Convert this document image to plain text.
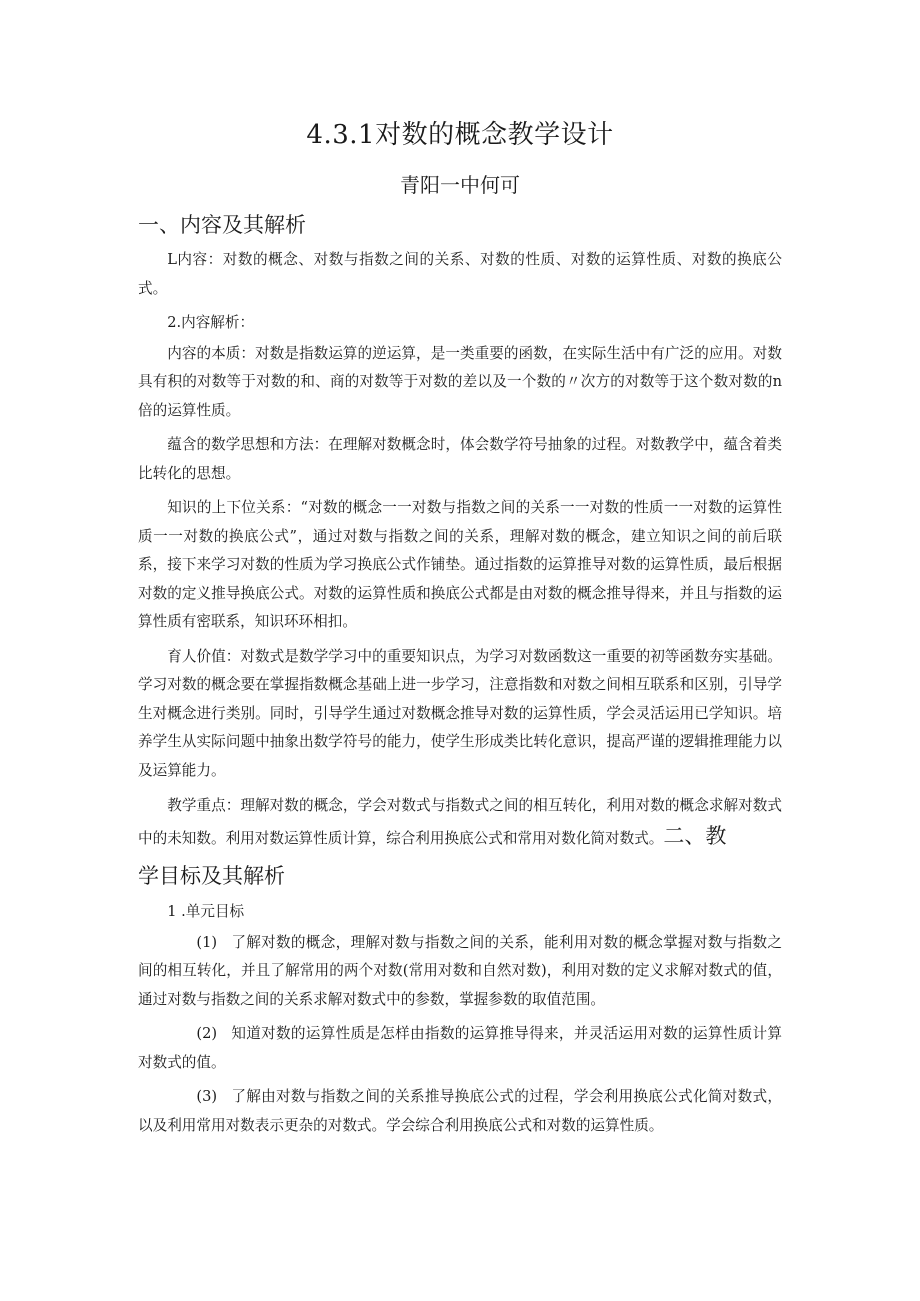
4.3.1对数的概念教学设计
青阳一中何可
一、内容及其解析

L内容：对数的概念、对数与指数之间的关系、对数的性质、对数的运算性质、对数的换底公式。

2.内容解析：

内容的本质：对数是指数运算的逆运算，是一类重要的函数，在实际生活中有广泛的应用。对数具有积的对数等于对数的和、商的对数等于对数的差以及一个数的〃次方的对数等于这个数对数的n倍的运算性质。

蕴含的数学思想和方法：在理解对数概念时，体会数学符号抽象的过程。对数教学中，蕴含着类比转化的思想。

知识的上下位关系：“对数的概念一一对数与指数之间的关系一一对数的性质一一对数的运算性质一一对数的换底公式”，通过对数与指数之间的关系，理解对数的概念，建立知识之间的前后联系，接下来学习对数的性质为学习换底公式作铺垫。通过指数的运算推导对数的运算性质，最后根据对数的定义推导换底公式。对数的运算性质和换底公式都是由对数的概念推导得来，并且与指数的运算性质有密联系，知识环环相扣。

育人价值：对数式是数学学习中的重要知识点，为学习对数函数这一重要的初等函数夯实基础。学习对数的概念要在掌握指数概念基础上进一步学习，注意指数和对数之间相互联系和区别，引导学生对概念进行类别。同时，引导学生通过对数概念推导对数的运算性质，学会灵活运用已学知识。培养学生从实际问题中抽象出数学符号的能力，使学生形成类比转化意识，提高严谨的逻辑推理能力以及运算能力。

教学重点：理解对数的概念，学会对数式与指数式之间的相互转化，利用对数的概念求解对数式中的未知数。利用对数运算性质计算，综合利用换底公式和常用对数化简对数式。二、教

学目标及其解析

1 .单元目标

(1) 了解对数的概念，理解对数与指数之间的关系，能利用对数的概念掌握对数与指数之间的相互转化，并且了解常用的两个对数(常用对数和自然对数)，利用对数的定义求解对数式的值，通过对数与指数之间的关系求解对数式中的参数，掌握参数的取值范围。

(2) 知道对数的运算性质是怎样由指数的运算推导得来，并灵活运用对数的运算性质计算对数式的值。

(3) 了解由对数与指数之间的关系推导换底公式的过程，学会利用换底公式化简对数式，以及利用常用对数表示更杂的对数式。学会综合利用换底公式和对数的运算性质。
